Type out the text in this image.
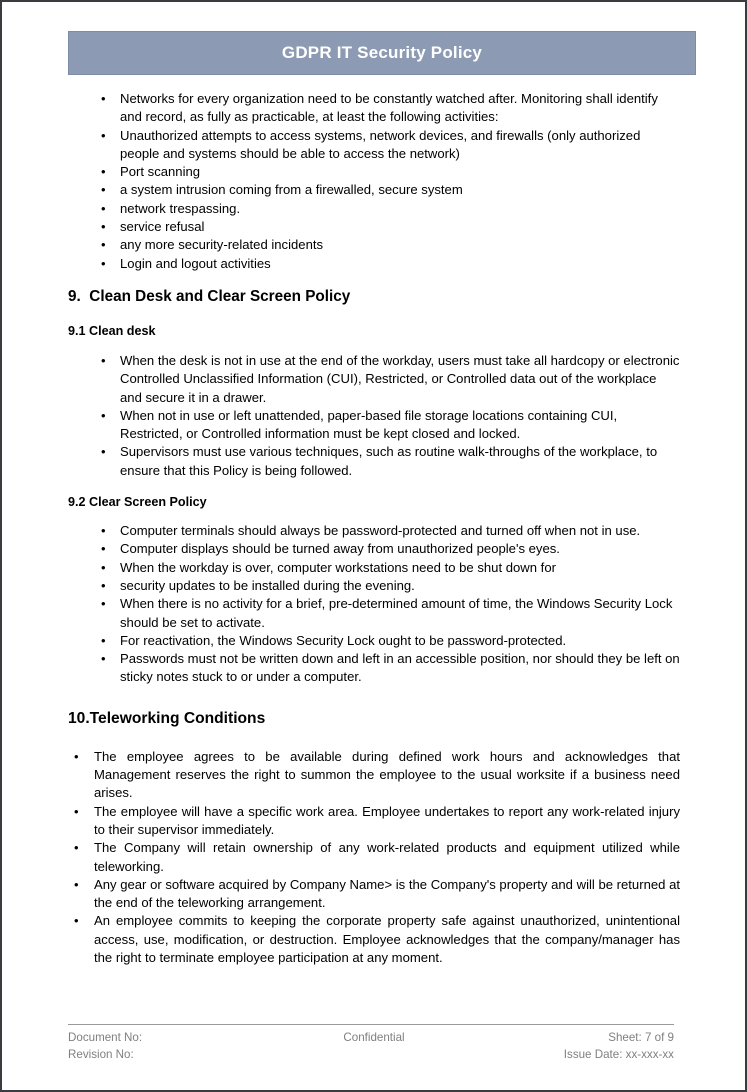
GDPR IT Security Policy
• Networks for every organization need to be constantly watched after. Monitoring shall identify and record, as fully as practicable, at least the following activities:
• Unauthorized attempts to access systems, network devices, and firewalls (only authorized people and systems should be able to access the network)
• Port scanning
• a system intrusion coming from a firewalled, secure system
• network trespassing.
• service refusal
• any more security-related incidents
• Login and logout activities
9. Clean Desk and Clear Screen Policy
9.1 Clean desk
• When the desk is not in use at the end of the workday, users must take all hardcopy or electronic Controlled Unclassified Information (CUI), Restricted, or Controlled data out of the workplace and secure it in a drawer.
• When not in use or left unattended, paper-based file storage locations containing CUI, Restricted, or Controlled information must be kept closed and locked.
• Supervisors must use various techniques, such as routine walk-throughs of the workplace, to ensure that this Policy is being followed.
9.2 Clear Screen Policy
• Computer terminals should always be password-protected and turned off when not in use.
• Computer displays should be turned away from unauthorized people's eyes.
• When the workday is over, computer workstations need to be shut down for
• security updates to be installed during the evening.
• When there is no activity for a brief, pre-determined amount of time, the Windows Security Lock should be set to activate.
• For reactivation, the Windows Security Lock ought to be password-protected.
• Passwords must not be written down and left in an accessible position, nor should they be left on sticky notes stuck to or under a computer.
10.Teleworking Conditions
• The employee agrees to be available during defined work hours and acknowledges that Management reserves the right to summon the employee to the usual worksite if a business need arises.
• The employee will have a specific work area. Employee undertakes to report any work-related injury to their supervisor immediately.
• The Company will retain ownership of any work-related products and equipment utilized while teleworking.
• Any gear or software acquired by Company Name> is the Company's property and will be returned at the end of the teleworking arrangement.
• An employee commits to keeping the corporate property safe against unauthorized, unintentional access, use, modification, or destruction. Employee acknowledges that the company/manager has the right to terminate employee participation at any moment.
Document No:	Confidential	Sheet: 7 of 9
Revision No:	Issue Date: xx-xxx-xx
